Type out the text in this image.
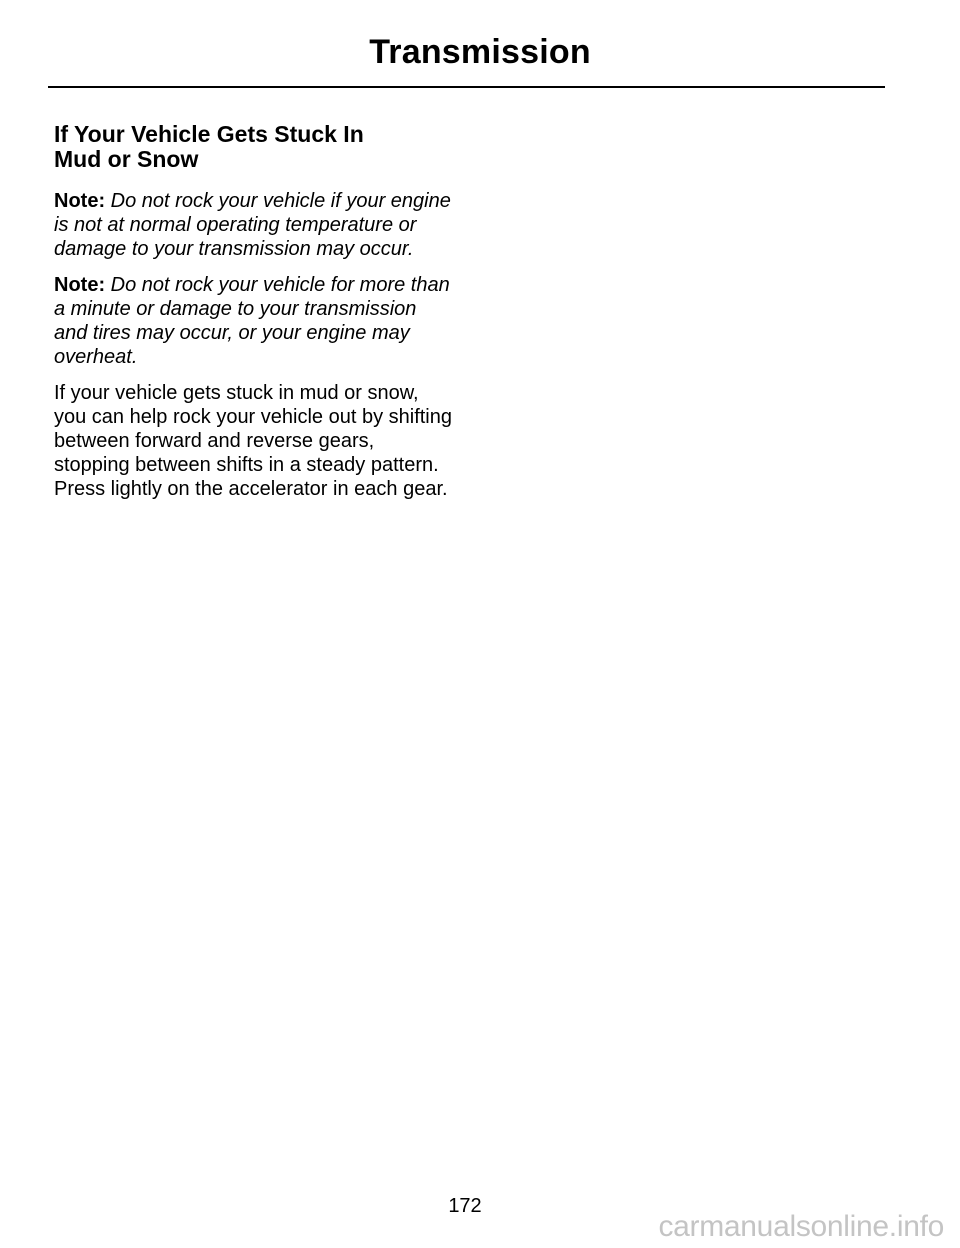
Transmission
If Your Vehicle Gets Stuck In
Mud or Snow

Note: Do not rock your vehicle if your engine is not at normal operating temperature or damage to your transmission may occur.

Note: Do not rock your vehicle for more than a minute or damage to your transmission and tires may occur, or your engine may overheat.

If your vehicle gets stuck in mud or snow, you can help rock your vehicle out by shifting between forward and reverse gears, stopping between shifts in a steady pattern. Press lightly on the accelerator in each gear.

172
carmanualsonline.info
